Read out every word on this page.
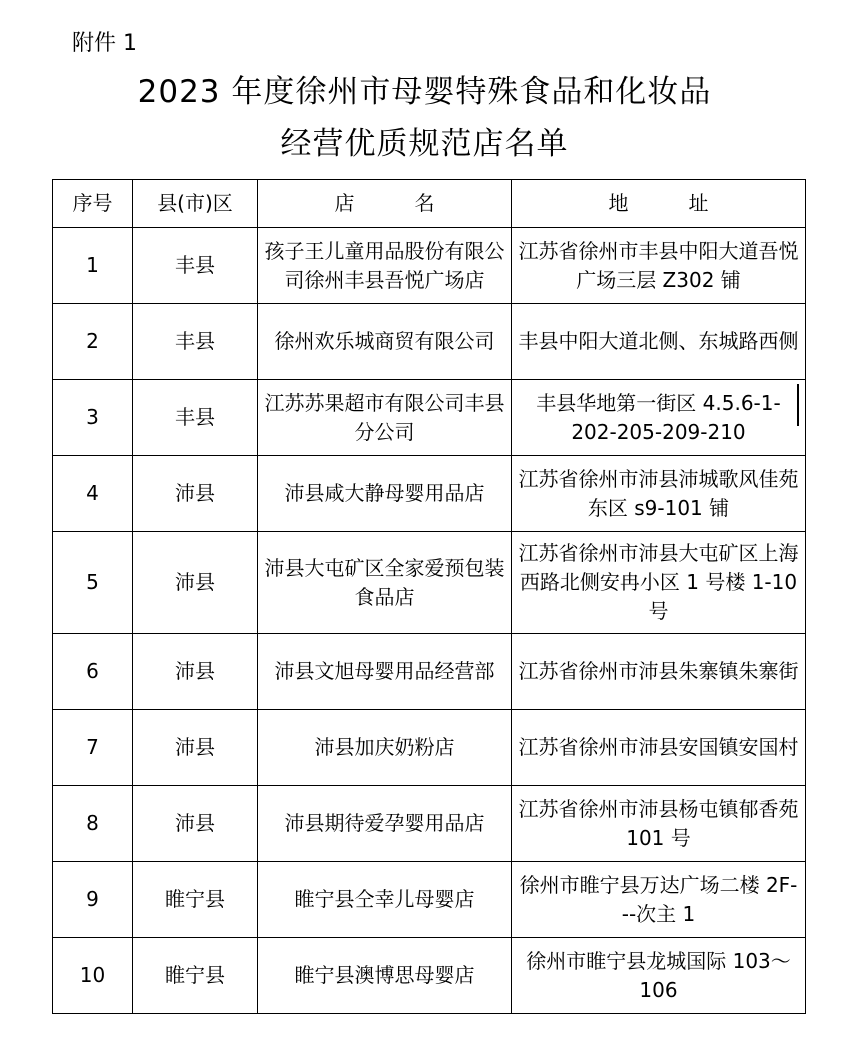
附件 1
2023 年度徐州市母婴特殊食品和化妆品
经营优质规范店名单
序号	县(市)区	店　　　名	地　　　址
1	丰县	孩子王儿童用品股份有限公司徐州丰县吾悦广场店	江苏省徐州市丰县中阳大道吾悦广场三层 Z302 铺
2	丰县	徐州欢乐城商贸有限公司	丰县中阳大道北侧、东城路西侧
3	丰县	江苏苏果超市有限公司丰县分公司	丰县华地第一街区 4.5.6-1-202-205-209-210
4	沛县	沛县咸大静母婴用品店	江苏省徐州市沛县沛城歌风佳苑东区 s9-101 铺
5	沛县	沛县大屯矿区全家爱预包装食品店	江苏省徐州市沛县大屯矿区上海西路北侧安冉小区 1 号楼 1-10 号
6	沛县	沛县文旭母婴用品经营部	江苏省徐州市沛县朱寨镇朱寨街
7	沛县	沛县加庆奶粉店	江苏省徐州市沛县安国镇安国村
8	沛县	沛县期待爱孕婴用品店	江苏省徐州市沛县杨屯镇郁香苑 101 号
9	睢宁县	睢宁县仝幸儿母婴店	徐州市睢宁县万达广场二楼 2F---次主 1
10	睢宁县	睢宁县澳博思母婴店	徐州市睢宁县龙城国际 103～106
